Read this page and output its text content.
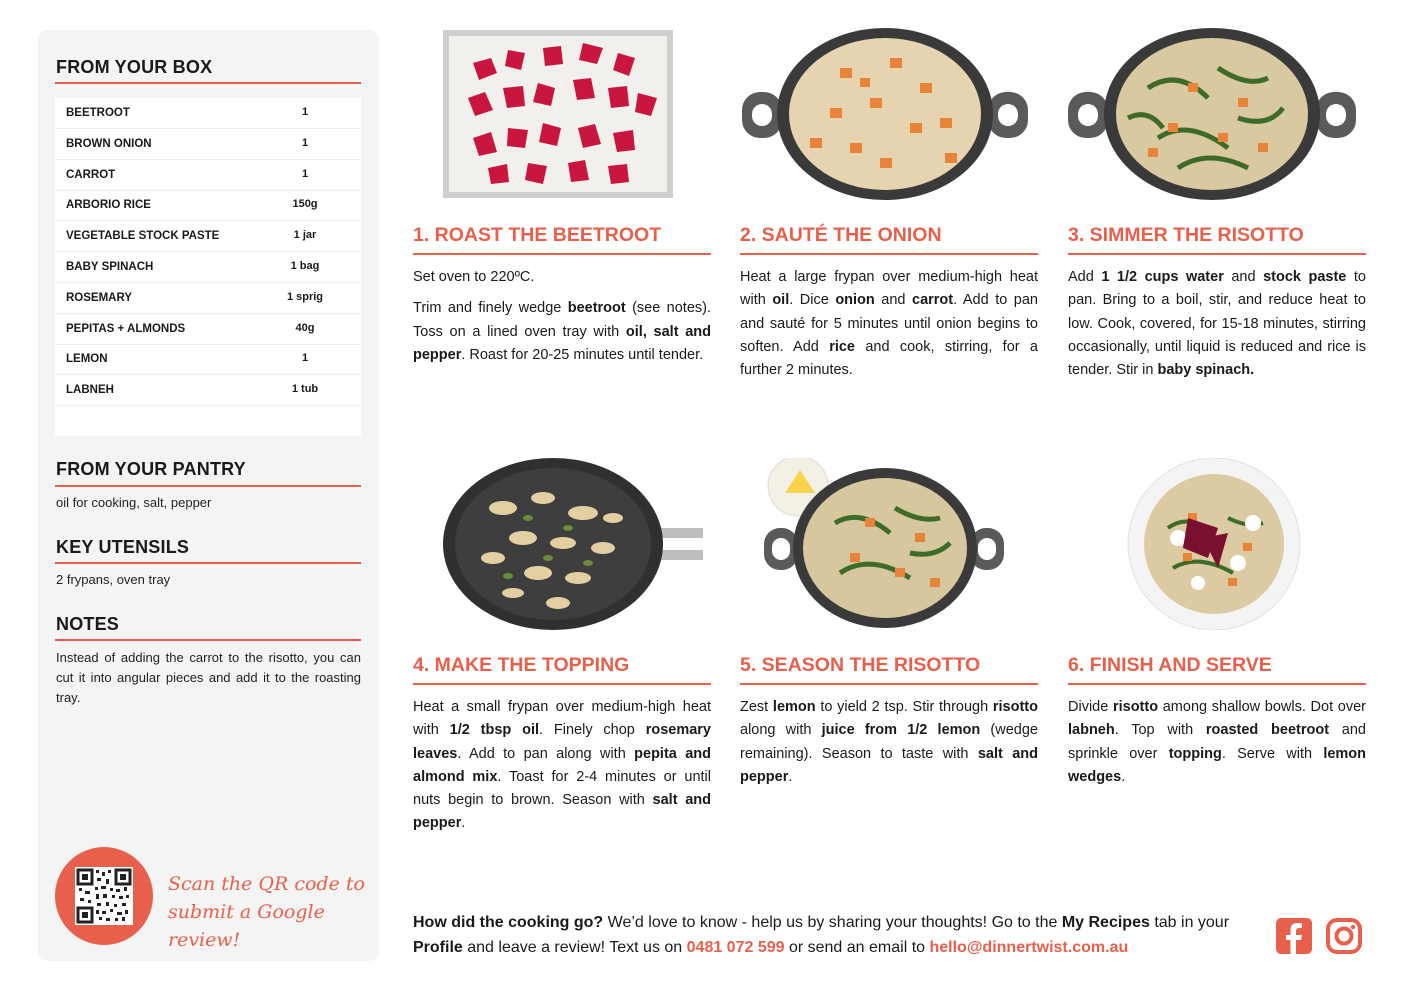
FROM YOUR BOX
BEETROOT	1
BROWN ONION	1
CARROT	1
ARBORIO RICE	150g
VEGETABLE STOCK PASTE	1 jar
BABY SPINACH	1 bag
ROSEMARY	1 sprig
PEPITAS + ALMONDS	40g
LEMON	1
LABNEH	1 tub
FROM YOUR PANTRY
oil for cooking, salt, pepper
KEY UTENSILS
2 frypans, oven tray
NOTES
Instead of adding the carrot to the risotto, you can cut it into angular pieces and add it to the roasting tray.
Scan the QR code to
submit a Google review!
1. ROAST THE BEETROOT

Set oven to 220ºC.

Trim and finely wedge beetroot (see notes). Toss on a lined oven tray with oil, salt and pepper. Roast for 20-25 minutes until tender.

2. SAUTÉ THE ONION

Heat a large frypan over medium-high heat with oil. Dice onion and carrot. Add to pan and sauté for 5 minutes until onion begins to soften. Add rice and cook, stirring, for a further 2 minutes.

3. SIMMER THE RISOTTO

Add 1 1/2 cups water and stock paste to pan. Bring to a boil, stir, and reduce heat to low. Cook, covered, for 15-18 minutes, stirring occasionally, until liquid is reduced and rice is tender. Stir in baby spinach.

4. MAKE THE TOPPING

Heat a small frypan over medium-high heat with 1/2 tbsp oil. Finely chop rosemary leaves. Add to pan along with pepita and almond mix. Toast for 2-4 minutes or until nuts begin to brown. Season with salt and pepper.

5. SEASON THE RISOTTO

Zest lemon to yield 2 tsp. Stir through risotto along with juice from 1/2 lemon (wedge remaining). Season to taste with salt and pepper.

6. FINISH AND SERVE

Divide risotto among shallow bowls. Dot over labneh. Top with roasted beetroot and sprinkle over topping. Serve with lemon wedges.

How did the cooking go? We’d love to know - help us by sharing your thoughts! Go to the My Recipes tab in your Profile and leave a review! Text us on 0481 072 599 or send an email to hello@dinnertwist.com.au
